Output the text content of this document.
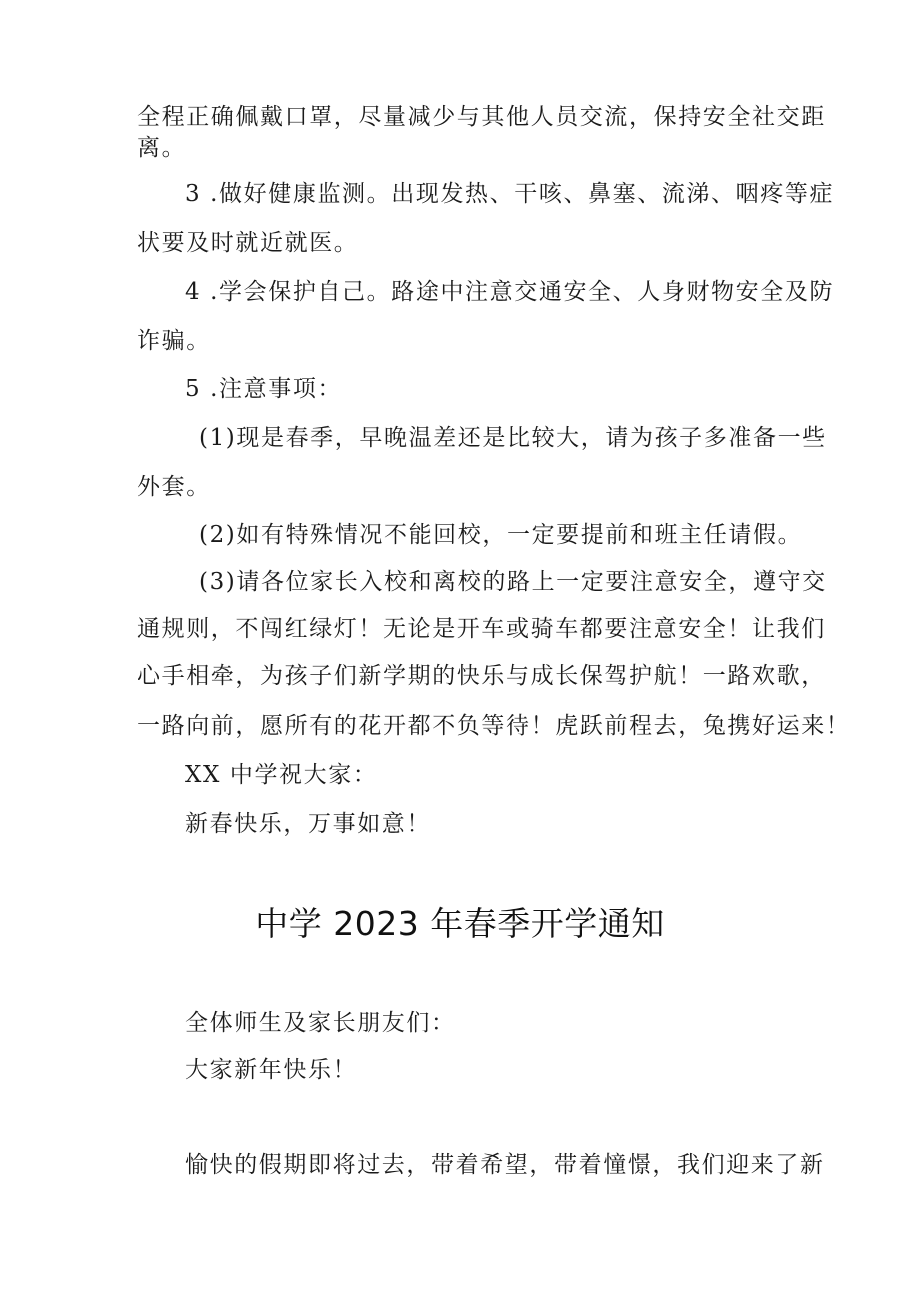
全程正确佩戴口罩，尽量减少与其他人员交流，保持安全社交距
离。
3 .做好健康监测。出现发热、干咳、鼻塞、流涕、咽疼等症
状要及时就近就医。
4 .学会保护自己。路途中注意交通安全、人身财物安全及防
诈骗。
5 .注意事项：
(1)现是春季，早晚温差还是比较大，请为孩子多准备一些
外套。
(2)如有特殊情况不能回校，一定要提前和班主任请假。
(3)请各位家长入校和离校的路上一定要注意安全，遵守交
通规则，不闯红绿灯！无论是开车或骑车都要注意安全！让我们
心手相牵，为孩子们新学期的快乐与成长保驾护航！一路欢歌，
一路向前，愿所有的花开都不负等待！虎跃前程去，兔携好运来！
XX 中学祝大家：
新春快乐，万事如意！
中学 2023 年春季开学通知
全体师生及家长朋友们：
大家新年快乐！
愉快的假期即将过去，带着希望，带着憧憬，我们迎来了新
